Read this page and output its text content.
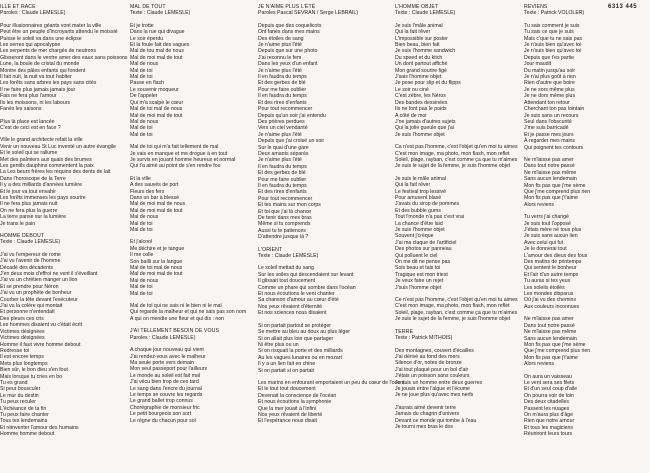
6313 445
ILLE ET RACE
Paroles : Claude LEMESLE)
Pour illusionnaires géants vont mater la ville
Peut être un peuple d'incroyants attendu le moissié
Puisse le soleil va dans une éclipse
Les serres qui apocalypse
Les serpents de mer chargés de neutrons
Glisseront dans le ventre amer des eaux sans poissons
Lune, la boule de cristal du monde
Montre des pâles enfants qui fondent
Il fait nuit, la nuit va tout habiter
Les forêts sans arbres les pays sans cités
Il ne faire plus jamais jamais jour
Fais ne fera plus l'amour
Ils les moissons, ni les labours
Fanés les saisons
Plus là place est lancée
C'est de ceci est en face ?
Ville le grand architecte refait la ville
Venir un nouveau St Luc inventé un autre évangile
Et le soleil qui se rallume
Met des palmiers aux quais des brumes
Les gentils dauphins commentent la paix
La Les beurs frères les requins des dents de lait
Dans l'horoscope de la Terre
Il y a des milliards d'années lumière
Et le jour va tout envahir
Les forêts immenses les pays sourire
Il ne fera plus jamais nuit
On ne fera plus la guerre
La terre panse sur la lumière
Je trans le pain
HOMME DEBOUT
Texte : Claude LEMESLE)
J'ai vu l'empereur de rome
J'ai vu l'avenir de l'homme
Décadé des décadents
J'en deux mois d'effroi ne vent il s'éveillant
J'ai vu un chrétien manger un lion
Et se prendre pour Néron
J'ai vu un prophète de bonheur
Courber la tête devant l'exécuteur
J'ai vu la colère qui montait
Et personne n'entendait
Des pleurs ces cris
Les hommes disaient vu c'était écrit
Victimes désignées
Victimes désignées
Homme il faut vivre homme debout
Redresse toi
Il est encore temps
Mets plus longtemps
Bien sûr, le bon dieu s'en fout
Mais lorsque tu cries en bo
Tu es grand
Si peur bousculer
Le mur du destin
Tu peux reculer
L'échéance de ta fin
Tu peux faire chanter
Tous tes lendemains
Et réinventer l'amour des humains
Homme homme debout
MAL DE TOUT
Texte : Claude LEMESLE)
Et je trotte
Dans la rue qui divague
Le soir éperdu
Et la foule fait des vagues
Mal de tou mal de nous
Mal de moi mal de tout
Mal de nous
Mal de toi
Mal de toi
Passe en flash
Le souvenir moqueur
De l'appeler
Qui m'a scalpé le cœur
Mal de toi mal de nous
Mal de moi mal de tout
Mal de nous
Mal de toi
Mal de toi
Mal de toi qui m'a fait tellement de mal
Je vais en manque et me drogue à en tout
Je survis en jouant homme heureux et normal
Qui t'a aimé au point de s'en rendre fou
Et la ville
A des sauvés de port
Fleurs des fers
Dans un bar à blessé
Mal de moi mal de nous
Mal de moi mal de tout
Mal de nous
Mal de toi
Mal de toi
Et j'alcool
Me déchire et je tangue
Il me colle
Son bailli sur la langue
Mal de toi mal de nous
Mal de moi mal de tout
Mal de nous
Mal de toi
Mal de toi
Mal de toi qui ne sais ni le bien ni le mal
Qui regarde la malheur et qui ne sais pas son nom
A qui on mendie une fleur et qui dis : non
J'AI TELLEMENT BESOIN DE VOUS
Paroles : Claude LEMESLE)
A chaque jour nouveau qui vient
J'ai rendez-vous avec le malheur
Ma seule porte vers demain
Mon seul passeport pour l'ailleurs
Le monde au soleil est fait mal
J'ai vécu bien trop de ces tard
Le sang dans l'encre du journal
Le temps se couvre les regards
Le grand ballet trop connus
Chorégraphie de monsieur fric
Le petit bourgeois son sort
Le règne du chacun pour soi
JE N'AIME PLUS L'ÉTÉ
Paroles Pascal SEVRAN / Serge LEBRAIL)
Depuis que des coquelicots
Ont fanés dans mes mains
Des étoiles de sang
Je n'aime plus l'été
Depuis que sur une photo
J'ai reconnu le fem
Dans les yeux d'un enfant
Je n'aime plus l'été
Il en faudra du temps
Et des gerbes de blé
Pour me faire oublier
Il en faudra du temps
Et des rires d'enfants
Pour tout recommencer
Depuis qu'un soir j'ai entendu
Des prières perdues
Vers un ciel vendanté
Je n'aime plus l'été
Depuis que j'ai croisé un soir
Sur le quai d'une gare
Deux amants séparés
Je n'aime plus l'été
Il en faudra du temps
Et des gerbes de blé
Pour me faire oublier
Il en faudra du temps
Et des rires d'enfants
Pour tout recommencer
Et tes mains sur mon corps
Et toi que j'ai là chance
De tenir dans mes bras
Même si tu comprends
Aussi tu te patiences
D'attendre jusque là ?
L'ORIENT
Texte : Claude LEMESLE)
Le soleil mettait du sang
Sur les voiles qui descendaient sur levant
Il glissait tout doucement
Comme un phare qui sombre dans l'océan
Et nous écoutions le vent chanter
Sa chanson d'amour au cœur d'été
Nos yeux rêvaient d'éternité
Et nos sciences nous disaient
Si on partait partout se protéger
Se mettre au bleu au doux au plus léger
Si on allait plus loin que partager
Ni être plus ou un
Si on risquait la porte et des milliards
Au les vagues lunaires ou en mozart
Il y a un lien fait en chine
Si on partait si on partait
Les marins en enfourant emportaient un peu du cœur de l'orient
Et le tout tout doucement
Devenait la conscience de l'océan
Et nous écoutions la symphonie
Que la mer jouait à l'infini
Nos yeux rêvaient de liberté
Et l'espérance nous disait
L'HOMME OBJET
Texte : Claude LEMESLE)
Je suis l'mâle animal
Qui la fait rêver
L'impossible sur poster
Bien beau, bien fait
Je suis l'homme sandwich
Du speed et du kitch
Un dont partout affiché
Mon grand sourire figé
J'sais l'homme objet
Je pose pour slip et du flipps
Le soir ou ciné
C'est zèbre, les Néros
Des bandes dessinées
Ils ne font pas le poids
A côté de moi
J'ne jamais d'autres sujets
Qui la jolie gueule que j'ai
Je suis l'homme objet
Ca n'est pas l'homme, c'est l'objet qu'en moi tu aimes
C'est mon image, ma photo, mon flash, mon reflet
Soleil, plage, rayban, c'est comme ça que tu m'aimes
Je suis le sujet de la femme, je suis l'homme objet
Je suis le mâle animal
Qui la fait rêver
Le festival trop lessivé
Pour amusent blasé
J'avais du sirop de pommes
Et des bubble gums
Tout l'monde n'a pas c'est vrai
La chance d'être laid
Je suis l'homme objet
Souvent j'crèque
J'ai ma claque de l'artificiel
Des photos sur panneau
Qui polluent le ciel
On me dit ne pense pas
Sois beau et tais toi
Tragique est mon triest
Je veux faire un rejet
J'suis l'homme objet
Ce n'est pas l'homme, c'est l'objet qu'en moi tu aimes
C'est mon image, ma photo, mon flash, mon reflet
Soleil, plage, rayban, c'est comme ça que tu m'aimes
Je suis le sujet de la femme, je suis l'homme objet
TERRE
Texte : Patrick MITHOIS)
Des montagnes, couvert d'écailles
J'ai dérivé au fond des mers
Silence d'or, notes de bronze
J'ai tout plaqué pour un bol d'air
J'étais un poisson sans couleurs
Je suis un homme entre deux guerres
Je jouais entre l'algue et l'écume
Je ne joue plus qu'avec mes nerfs
J'aurais aimé devenir terre
Jamais du chagrin d'univers
Devant ce monde qui tombe à l'eau
Je tourni mes bras le dos
REVIENS
Texte : Patrick VOLOLER)
Tu sais comment je suis
Tu sais ce que je suis
Mais c'que tu ne sais pas
Je n'suis bien qu'avec toi
Je n'suis bien qu'avec toi
Depuis que t'es partie
Jour maudit
Du matin jusqu'au soir
Je n'ai plus goût à rien
Rien d'autre que boire
Je ne sors même plus
Je ne dors même plus
Attendant ton retour
Cherchant ton pas lointain
Je suis sans un recours
Seul dans l'obscurité
J'me suis barricadé
Et je passe mes jours
À regarder mes mains
Qui poignent tes contours
Ne m'laisse pas amer
Dans tout notre passé
Ne m'laisse pas même
Sans aucun lendemain
Mon fis pas que j'me sème
Que j'me comprend plus rien
Mon fis pas que j't'aime
Alors reviens
Tu verrs j'ai changé
Je suis tout l'opposé
J'étais mère né tous plus
Je suis sans aucun lien
Avec celui qui fut
Je le donnerai tout
L'amour des dieux des fous
Des matins de printemps
Qui sentent le bonheur
Et l'air d'un autre temps
Tu auras si tes yeux
Les soleils étoilés
Les mondes disparus
Où j'ai vu des chemins
Aux couleurs inconnues
Ne m'laisse pas amer
Dans tout notre passé
Ne m'laisse pas même
Sans aucun lendemain
Mon fis pas que j'me sème
Que j'me comprend plus rien
Mon fis pas que j't'aime
Alors reviens
On aura un vaisseau
Le vent sera ses filets
Et d'un seul coup d'aile
On pourra voir de loin
Des deux citadelles
Passent les nuages
On m'aura plus d'âge
Rien que notre amour
Et tous les magiciens
Réuniront leurs tours
